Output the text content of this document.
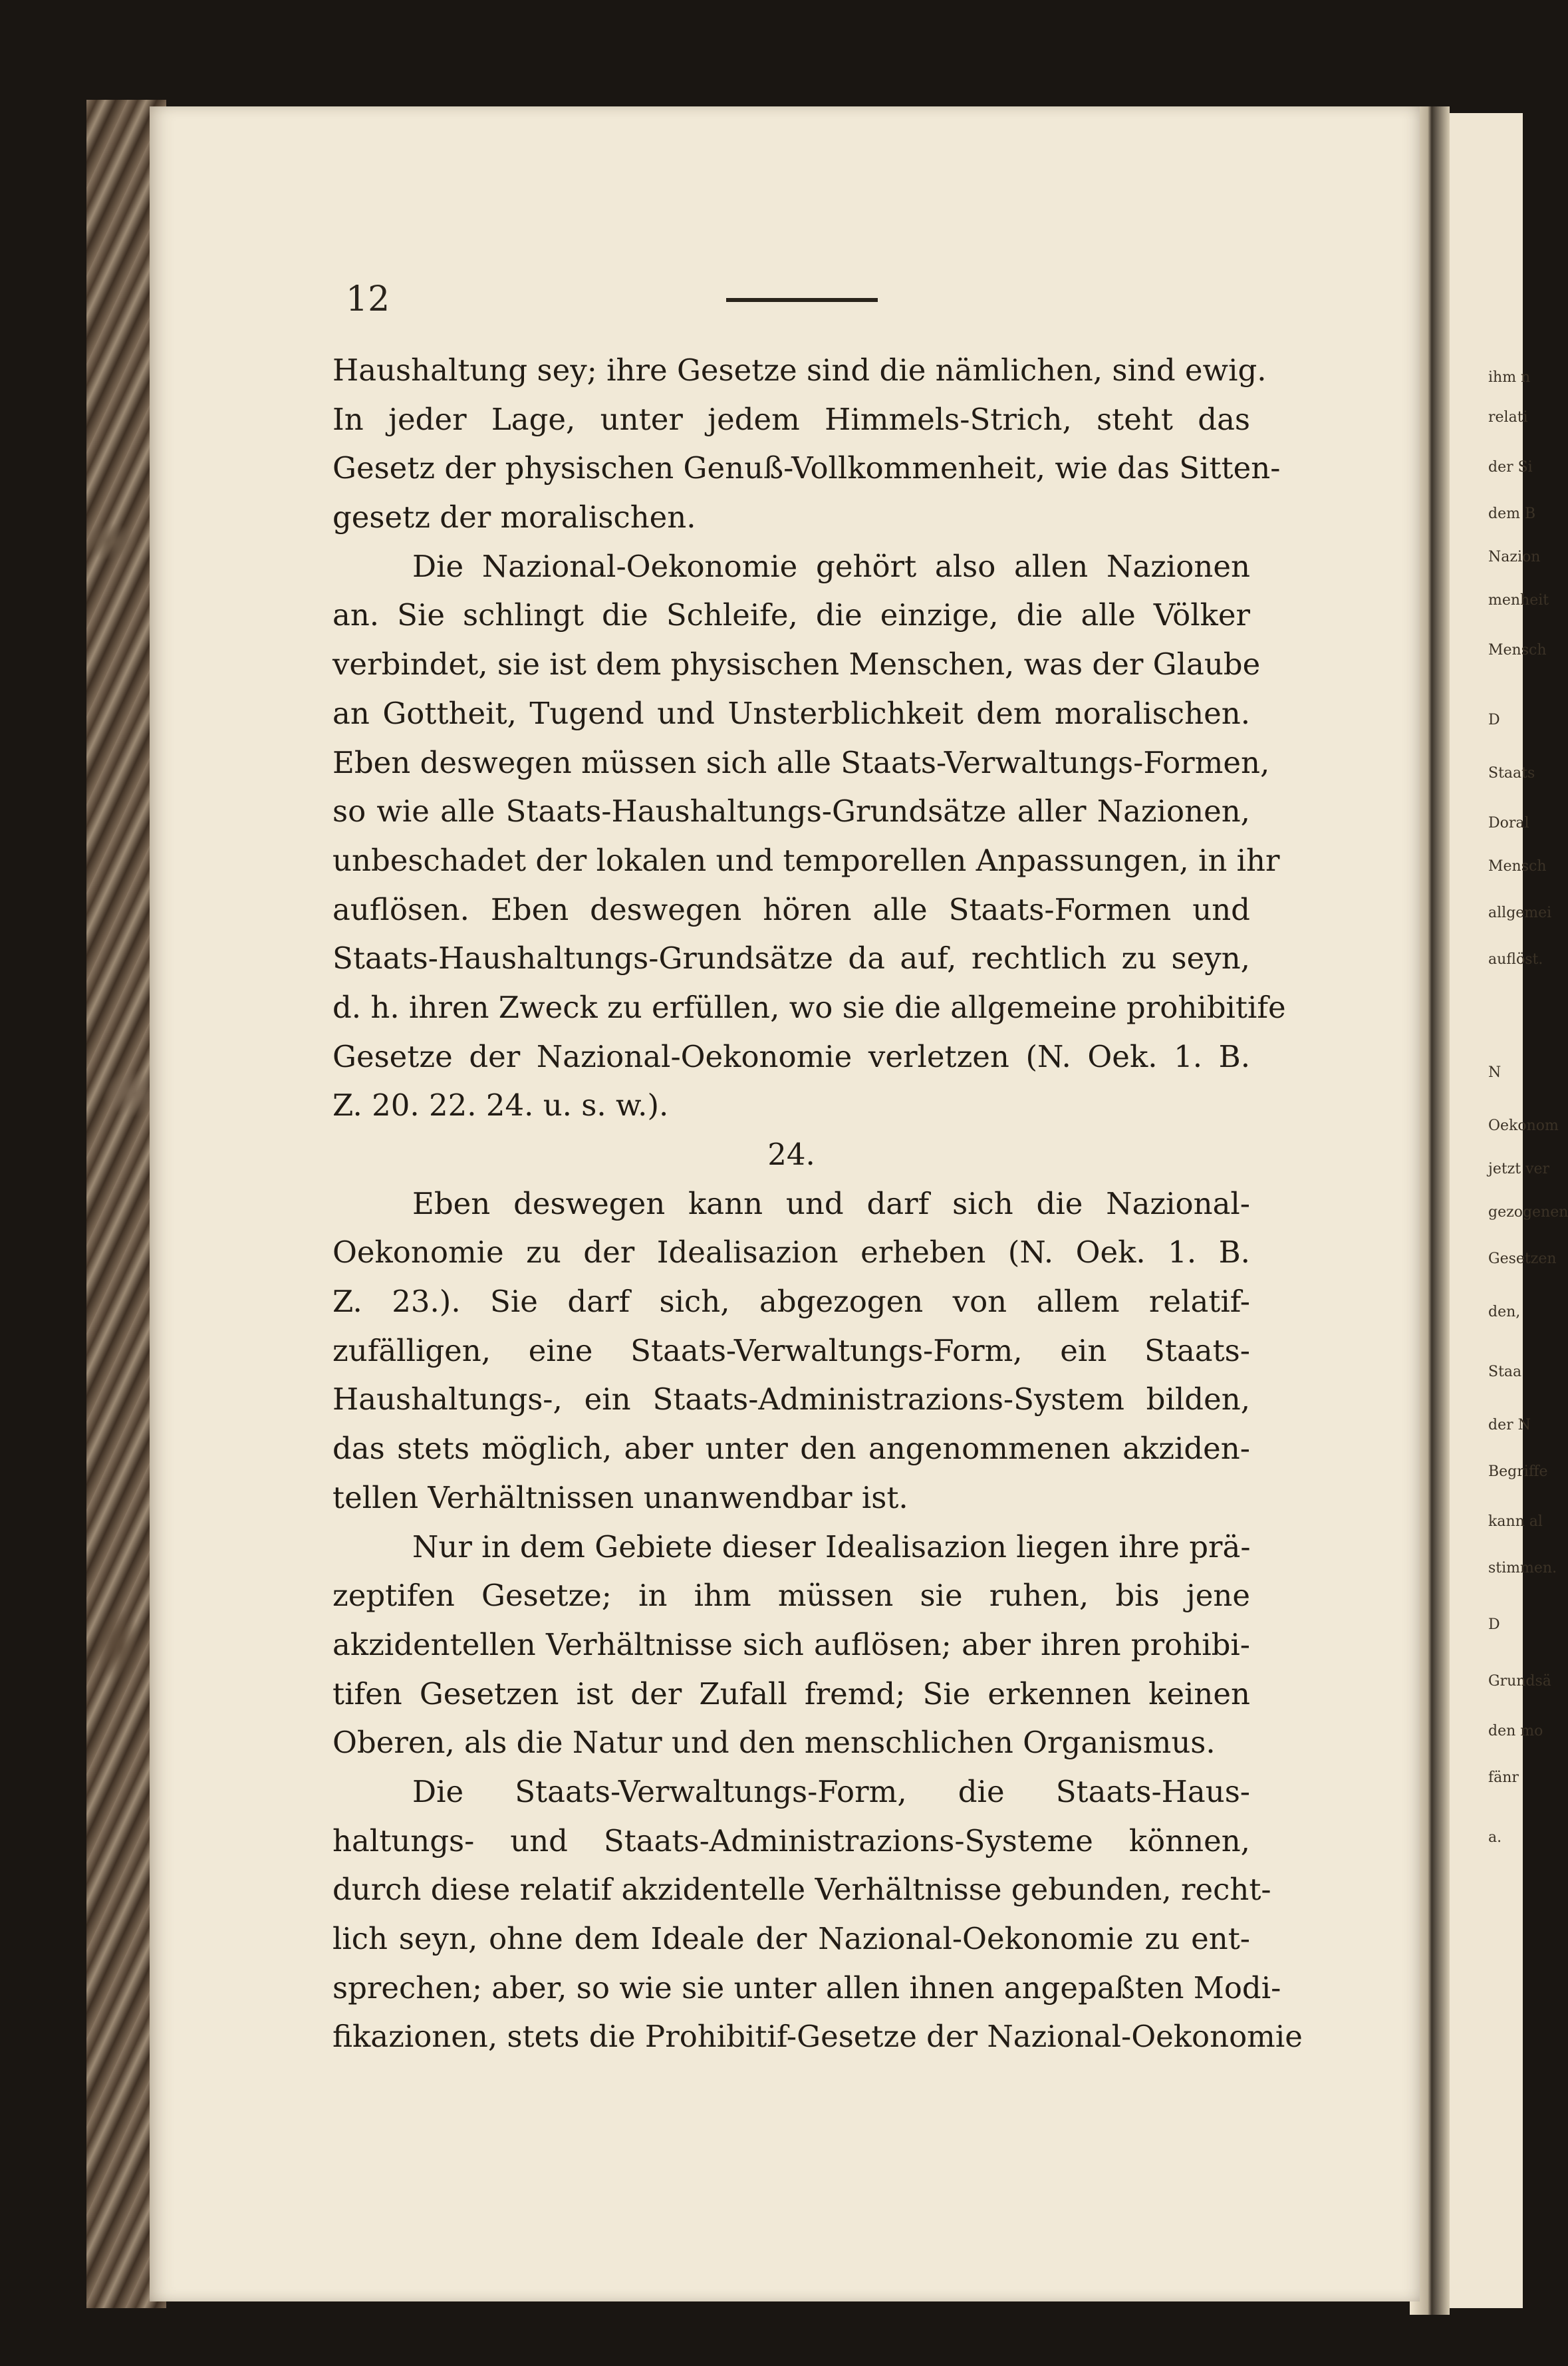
ihm n
relati
der Si
dem B
Nazion
menheit
Mensch
D
Staats
Doral
Mensch
allgemei
auflöst.
N
Oekonom
jetzt ver
gezogenen
Gesetzen
den,
Staa
der N
Begriffe
kann al
stimmen.
D
Grundsä
den mo
fänr
a.
12
Haushaltung sey; ihre Gesetze sind die nämlichen, sind ewig.
In jeder Lage, unter jedem Himmels-Strich, steht das
Gesetz der physischen Genuß-Vollkommenheit, wie das Sitten-
gesetz der moralischen.
Die Nazional-Oekonomie gehört also allen Nazionen
an. Sie schlingt die Schleife, die einzige, die alle Völker
verbindet, sie ist dem physischen Menschen, was der Glaube
an Gottheit, Tugend und Unsterblichkeit dem moralischen.
Eben deswegen müssen sich alle Staats-Verwaltungs-Formen,
so wie alle Staats-Haushaltungs-Grundsätze aller Nazionen,
unbeschadet der lokalen und temporellen Anpassungen, in ihr
auflösen. Eben deswegen hören alle Staats-Formen und
Staats-Haushaltungs-Grundsätze da auf, rechtlich zu seyn,
d. h. ihren Zweck zu erfüllen, wo sie die allgemeine prohibitife
Gesetze der Nazional-Oekonomie verletzen (N. Oek. 1. B.
Z. 20. 22. 24. u. s. w.).
24.
Eben deswegen kann und darf sich die Nazional-
Oekonomie zu der Idealisazion erheben (N. Oek. 1. B.
Z. 23.). Sie darf sich, abgezogen von allem relatif-
zufälligen, eine Staats-Verwaltungs-Form, ein Staats-
Haushaltungs-, ein Staats-Administrazions-System bilden,
das stets möglich, aber unter den angenommenen akziden-
tellen Verhältnissen unanwendbar ist.
Nur in dem Gebiete dieser Idealisazion liegen ihre prä-
zeptifen Gesetze; in ihm müssen sie ruhen, bis jene
akzidentellen Verhältnisse sich auflösen; aber ihren prohibi-
tifen Gesetzen ist der Zufall fremd; Sie erkennen keinen
Oberen, als die Natur und den menschlichen Organismus.
Die Staats-Verwaltungs-Form, die Staats-Haus-
haltungs- und Staats-Administrazions-Systeme können,
durch diese relatif akzidentelle Verhältnisse gebunden, recht-
lich seyn, ohne dem Ideale der Nazional-Oekonomie zu ent-
sprechen; aber, so wie sie unter allen ihnen angepaßten Modi-
fikazionen, stets die Prohibitif-Gesetze der Nazional-Oekonomie
